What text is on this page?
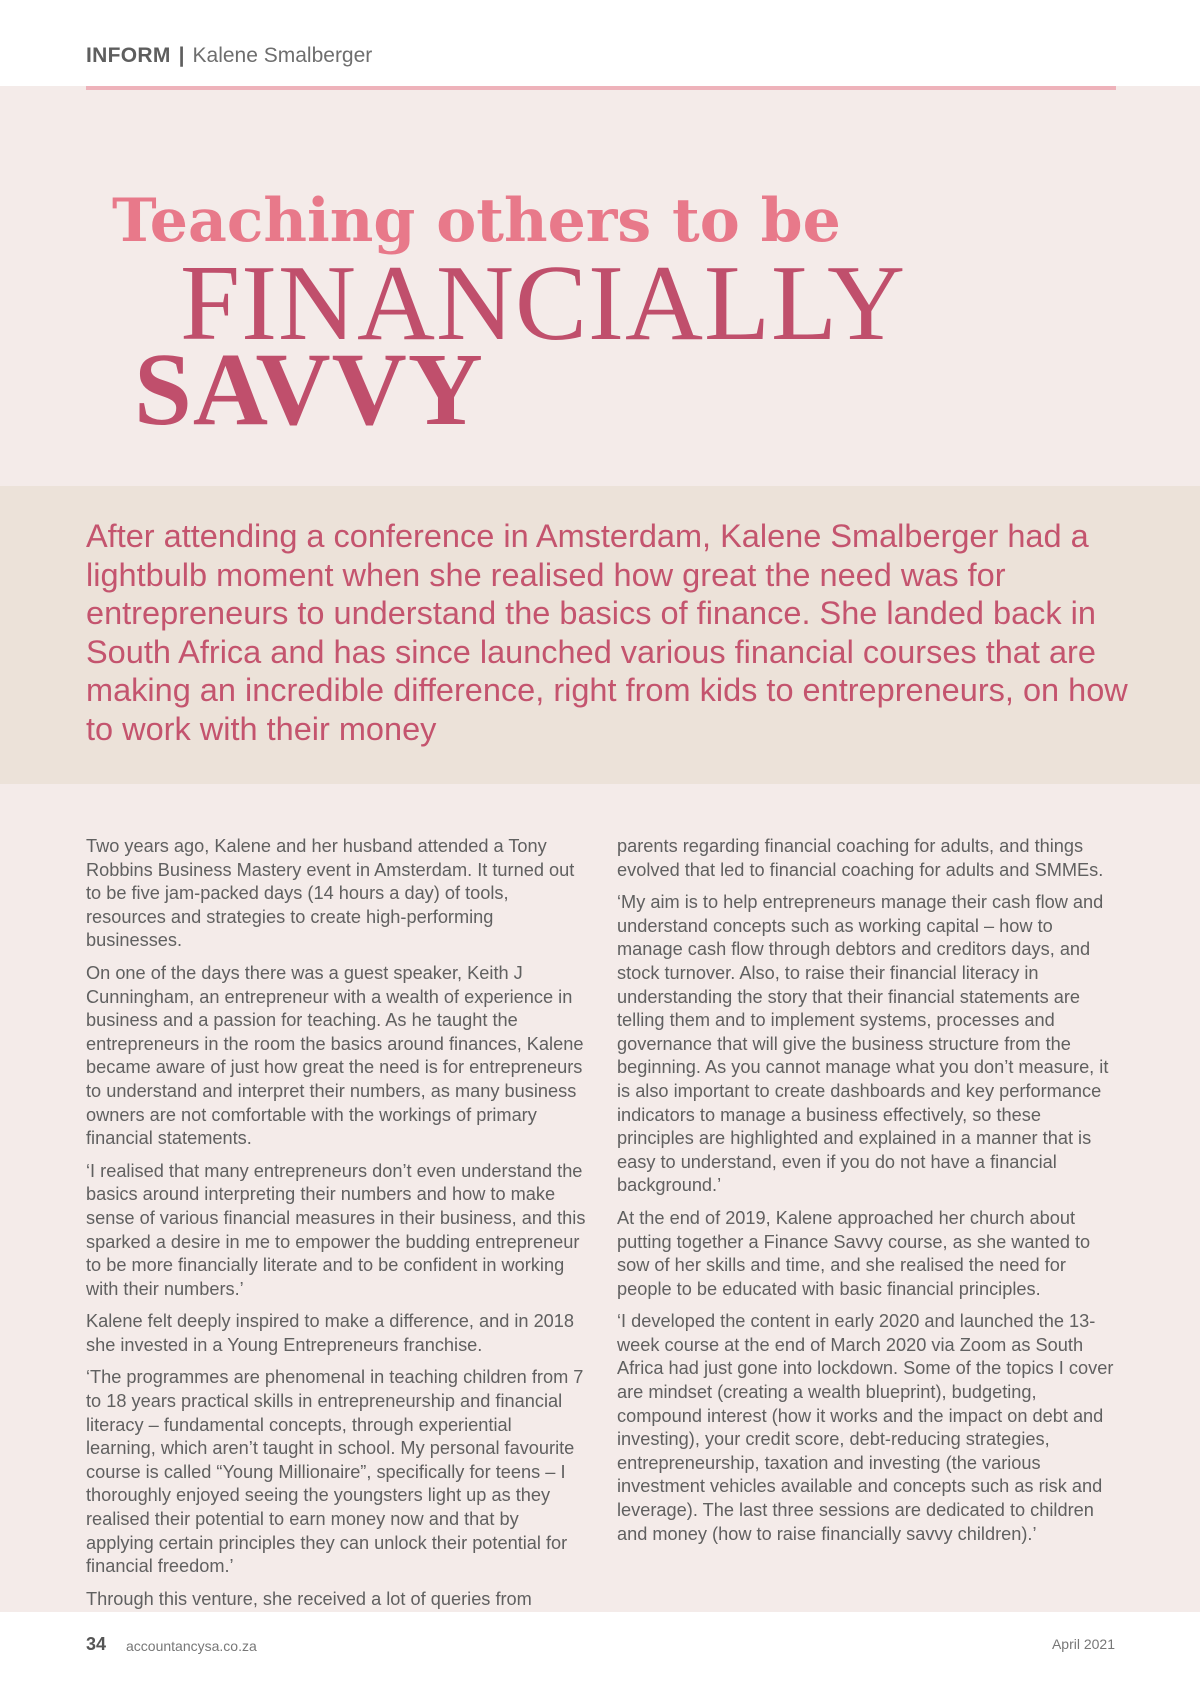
INFORM | Kalene Smalberger
Teaching others to be
FINANCIALLY
SAVVY

After attending a conference in Amsterdam, Kalene Smalberger had a lightbulb moment when she realised how great the need was for entrepreneurs to understand the basics of finance. She landed back in South Africa and has since launched various financial courses that are making an incredible difference, right from kids to entrepreneurs, on how to work with their money

Two years ago, Kalene and her husband attended a Tony Robbins Business Mastery event in Amsterdam. It turned out to be five jam-packed days (14 hours a day) of tools, resources and strategies to create high-performing businesses.

On one of the days there was a guest speaker, Keith J Cunningham, an entrepreneur with a wealth of experience in business and a passion for teaching. As he taught the entrepreneurs in the room the basics around finances, Kalene became aware of just how great the need is for entrepreneurs to understand and interpret their numbers, as many business owners are not comfortable with the workings of primary financial statements.

‘I realised that many entrepreneurs don’t even understand the basics around interpreting their numbers and how to make sense of various financial measures in their business, and this sparked a desire in me to empower the budding entrepreneur to be more financially literate and to be confident in working with their numbers.’

Kalene felt deeply inspired to make a difference, and in 2018 she invested in a Young Entrepreneurs franchise.

‘The programmes are phenomenal in teaching children from 7 to 18 years practical skills in entrepreneurship and financial literacy – fundamental concepts, through experiential learning, which aren’t taught in school. My personal favourite course is called “Young Millionaire”, specifically for teens – I thoroughly enjoyed seeing the youngsters light up as they realised their potential to earn money now and that by applying certain principles they can unlock their potential for financial freedom.’

Through this venture, she received a lot of queries from

parents regarding financial coaching for adults, and things evolved that led to financial coaching for adults and SMMEs.

‘My aim is to help entrepreneurs manage their cash flow and understand concepts such as working capital – how to manage cash flow through debtors and creditors days, and stock turnover. Also, to raise their financial literacy in understanding the story that their financial statements are telling them and to implement systems, processes and governance that will give the business structure from the beginning. As you cannot manage what you don’t measure, it is also important to create dashboards and key performance indicators to manage a business effectively, so these principles are highlighted and explained in a manner that is easy to understand, even if you do not have a financial background.’

At the end of 2019, Kalene approached her church about putting together a Finance Savvy course, as she wanted to sow of her skills and time, and she realised the need for people to be educated with basic financial principles.

‘I developed the content in early 2020 and launched the 13-week course at the end of March 2020 via Zoom as South Africa had just gone into lockdown. Some of the topics I cover are mindset (creating a wealth blueprint), budgeting, compound interest (how it works and the impact on debt and investing), your credit score, debt-reducing strategies, entrepreneurship, taxation and investing (the various investment vehicles available and concepts such as risk and leverage). The last three sessions are dedicated to children and money (how to raise financially savvy children).’

34 accountancysa.co.za	April 2021
